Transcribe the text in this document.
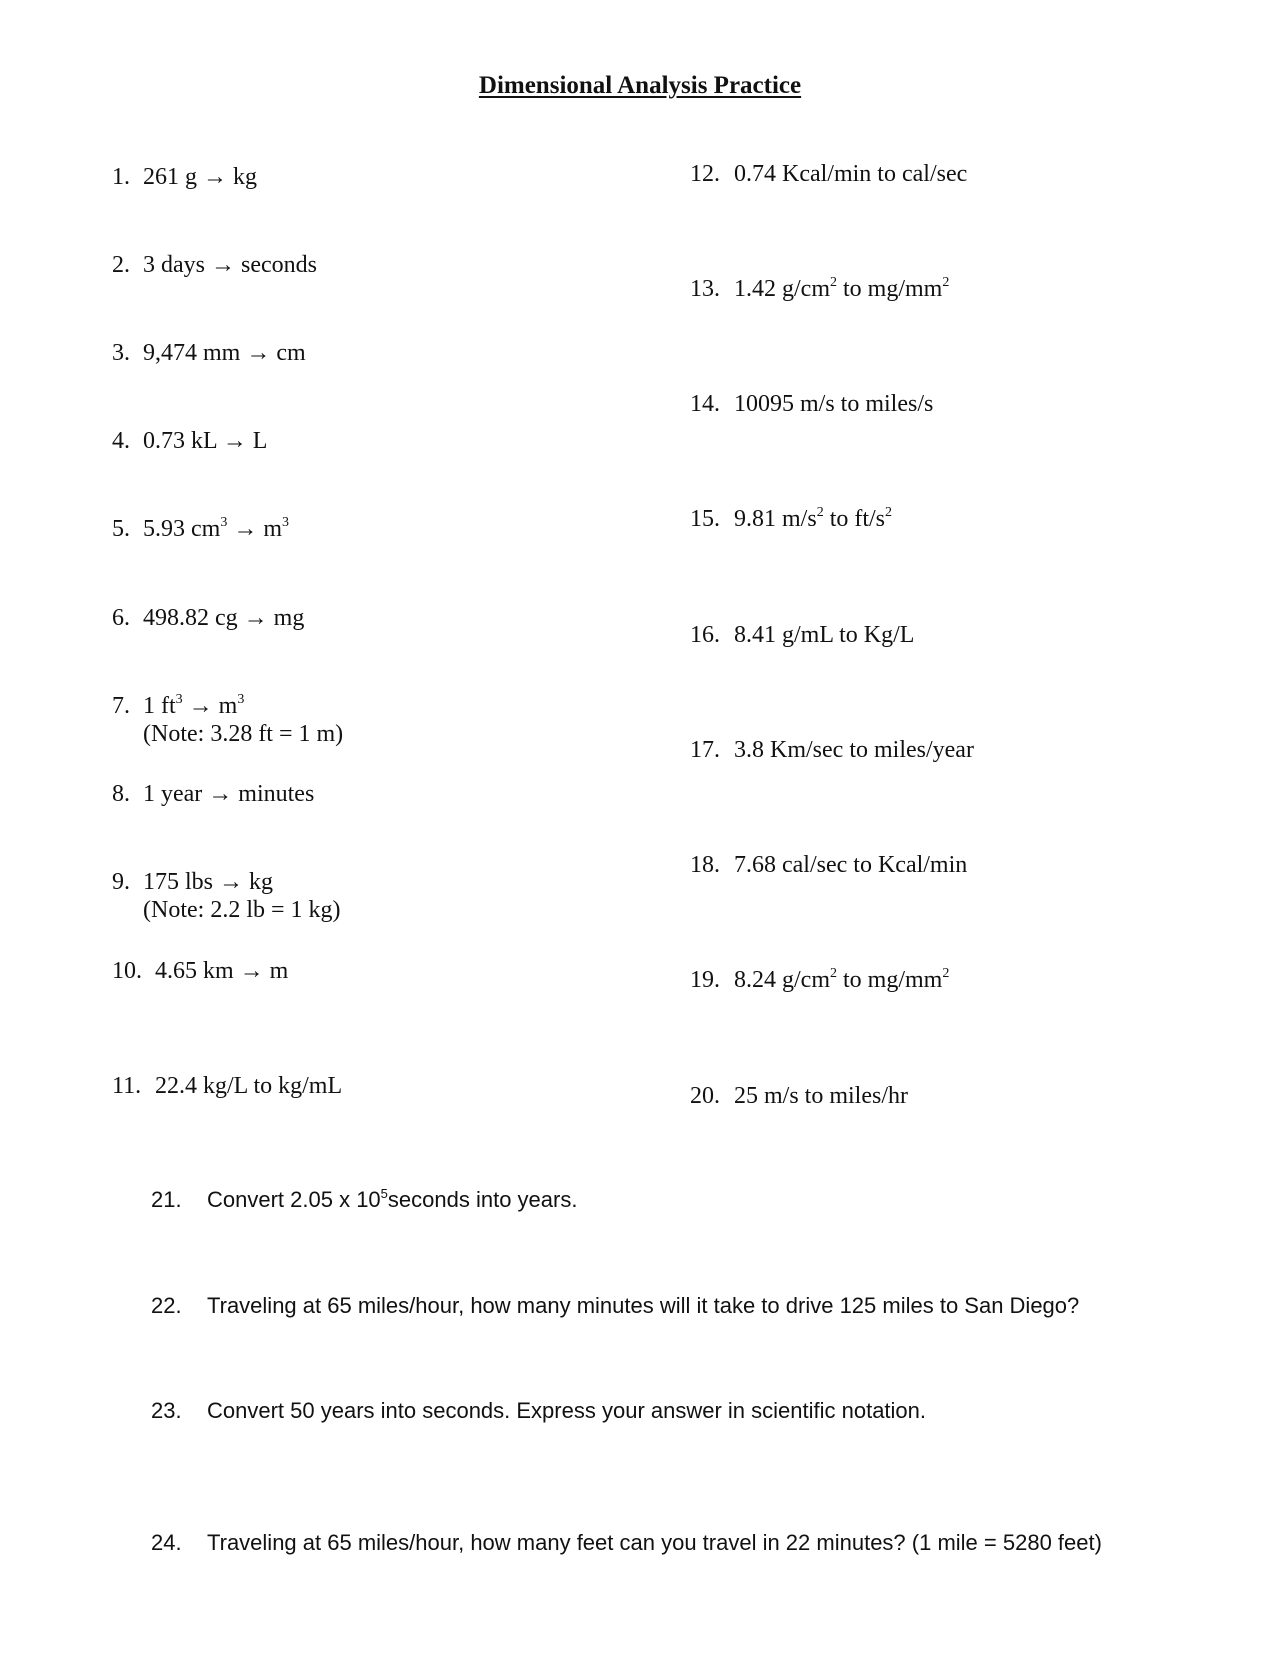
Dimensional Analysis Practice
1. 261 g → kg
2. 3 days → seconds
3. 9,474 mm → cm
4. 0.73 kL → L
5. 5.93 $cm^3 \to m^3$
6. 498.82 cg → mg
7. 1 $ft^3 \to m^3$
(Note: 3.28 ft = 1 m)
8. 1 year → minutes
9. 175 lbs → kg
(Note: 2.2 lb = 1 kg)
10. 4.65 km → m
11. 22.4 kg/L to kg/mL
12. 0.74 Kcal/min to cal/sec
13. 1.42 $g/cm^2$ to $mg/mm^2$
14. 10095 m/s to miles/s
15. 9.81 $m/s^2$ to $ft/s^2$
16. 8.41 g/mL to Kg/L
17. 3.8 Km/sec to miles/year
18. 7.68 cal/sec to Kcal/min
19. 8.24 $g/cm^2$ to $mg/mm^2$
20. 25 m/s to miles/hr
21. Convert 2.05 x $10^5seconds$ into years.
22. Traveling at 65 miles/hour, how many minutes will it take to drive 125 miles to San Diego?
23. Convert 50 years into seconds. Express your answer in scientific notation.
24. Traveling at 65 miles/hour, how many feet can you travel in 22 minutes? (1 mile = 5280 feet)
